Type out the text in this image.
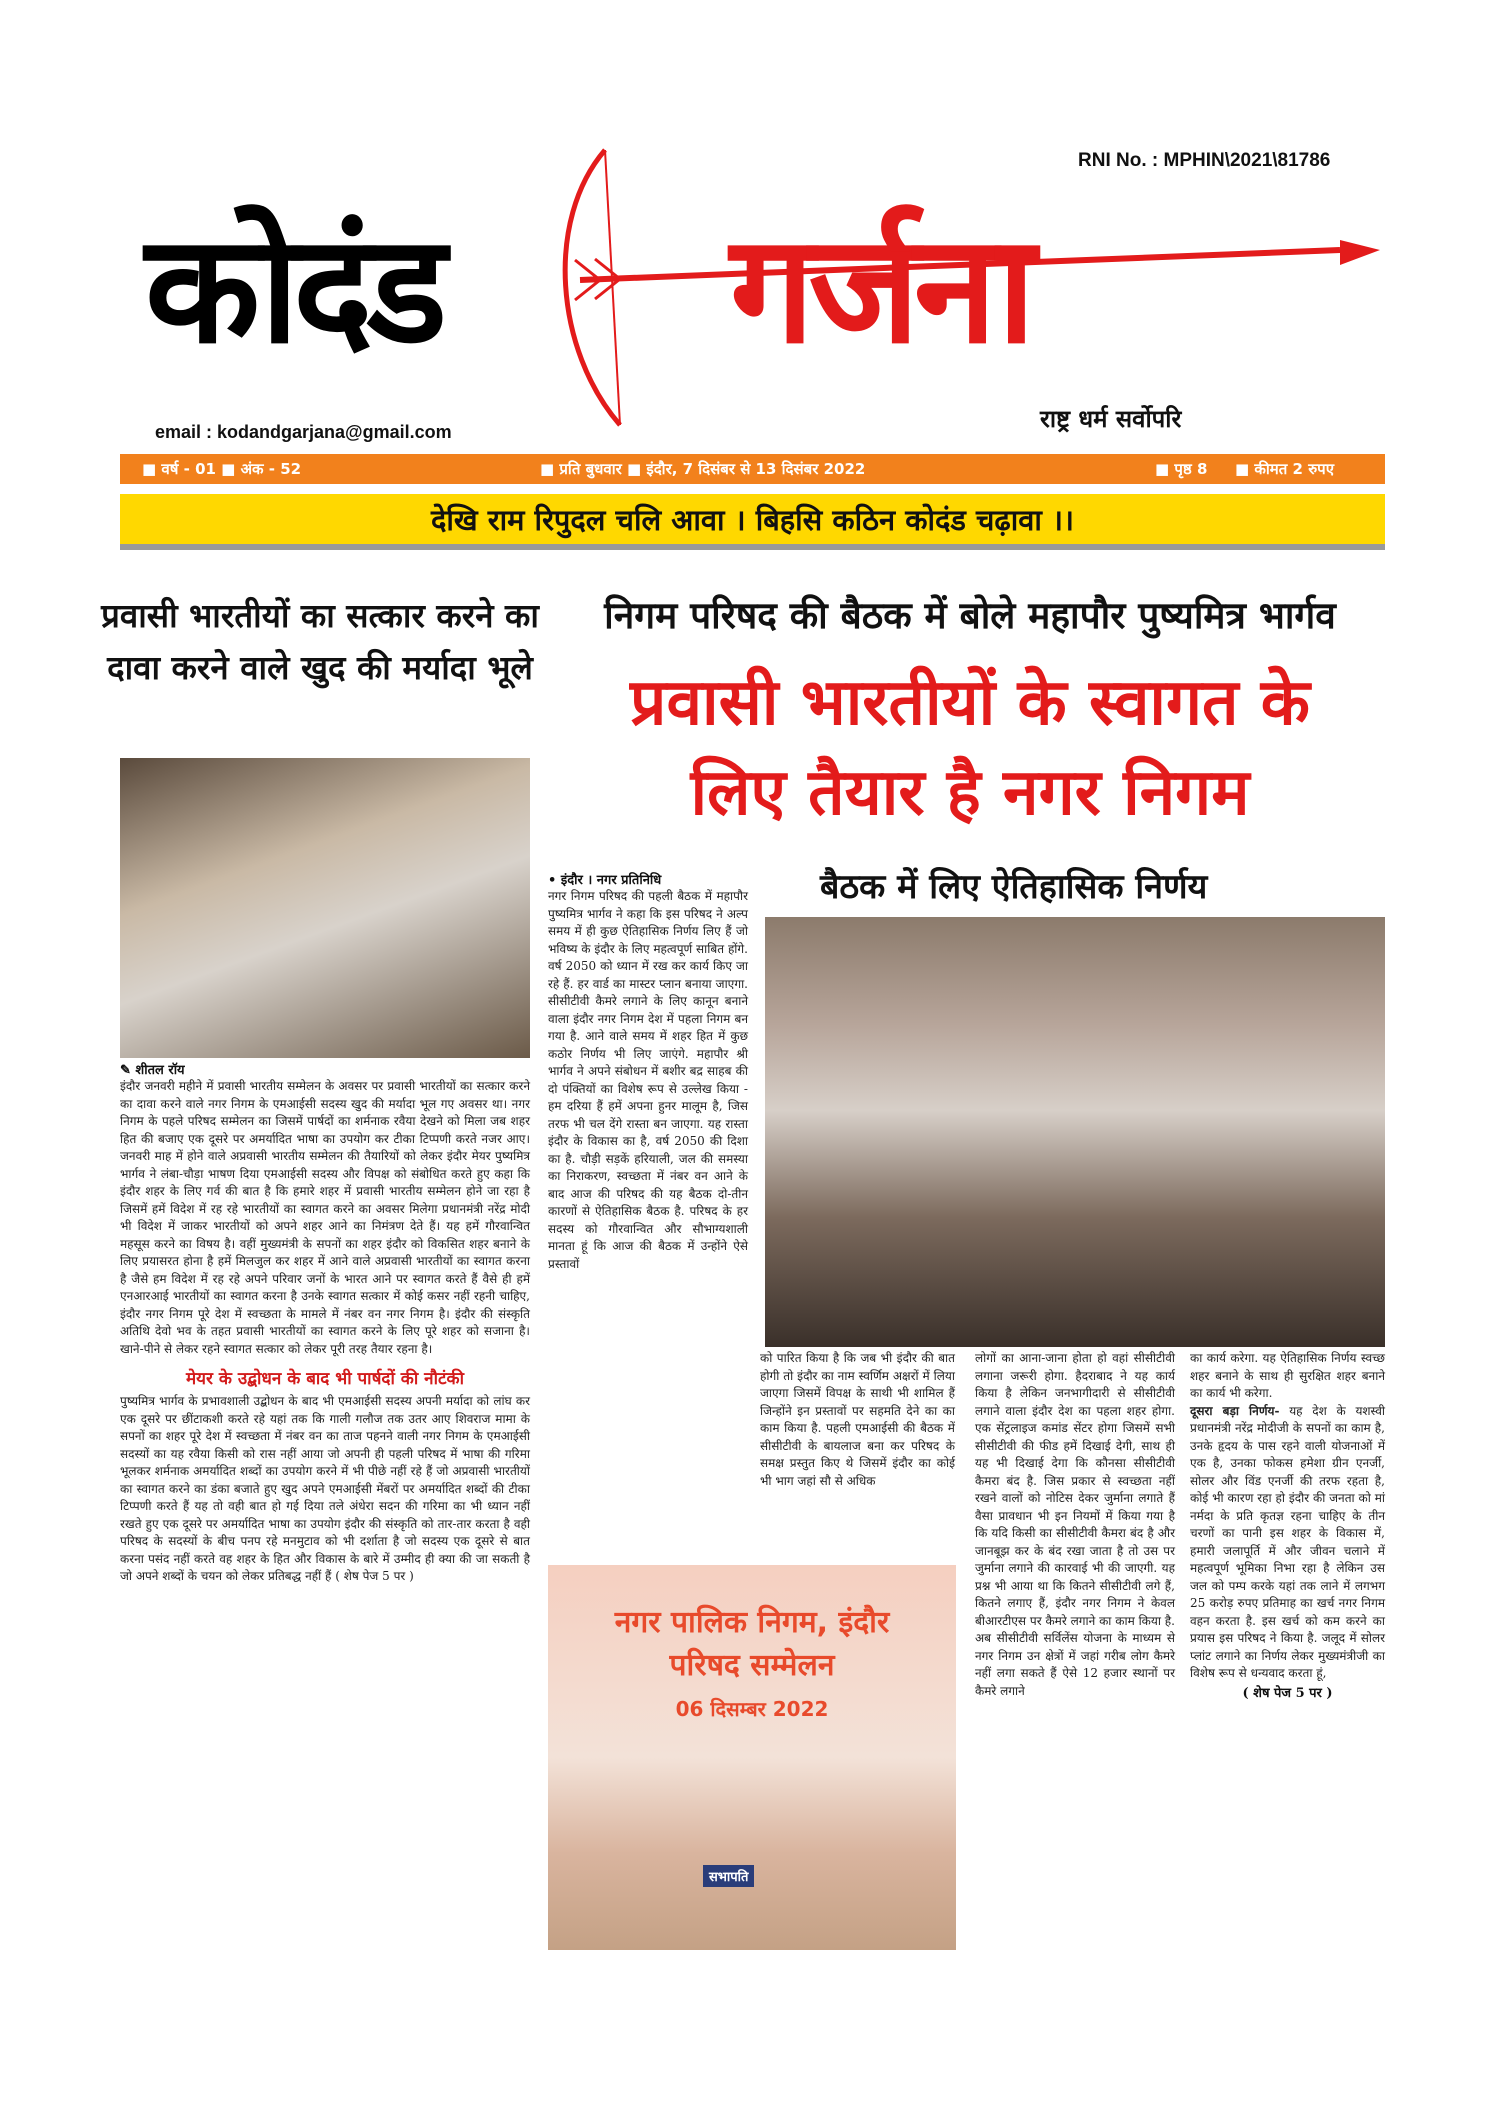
RNI No. : MPHIN\2021\81786
कोदंड गर्जना
राष्ट्र धर्म सर्वोपरि
email : kodandgarjana@gmail.com
■ वर्ष - 01 ■ अंक - 52	■ प्रति बुधवार ■ इंदौर, 7 दिसंबर से 13 दिसंबर 2022	■ पृष्ठ 8 ■ कीमत 2 रुपए
देखि राम रिपुदल चलि आवा । बिहसि कठिन कोदंड चढ़ावा ।।
प्रवासी भारतीयों का सत्कार करने का दावा करने वाले खुद की मर्यादा भूले
निगम परिषद की बैठक में बोले महापौर पुष्यमित्र भार्गव
प्रवासी भारतीयों के स्वागत के
लिए तैयार है नगर निगम
बैठक में लिए ऐतिहासिक निर्णय
नगर पालिक निगम, इंदौर
परिषद सम्मेलन
06 दिसम्बर 2022
सभापति
✎ शीतल रॉय

इंदौर जनवरी महीने में प्रवासी भारतीय सम्मेलन के अवसर पर प्रवासी भारतीयों का सत्कार करने का दावा करने वाले नगर निगम के एमआईसी सदस्य खुद की मर्यादा भूल गए अवसर था। नगर निगम के पहले परिषद सम्मेलन का जिसमें पार्षदों का शर्मनाक रवैया देखने को मिला जब शहर हित की बजाए एक दूसरे पर अमर्यादित भाषा का उपयोग कर टीका टिप्पणी करते नजर आए। जनवरी माह में होने वाले अप्रवासी भारतीय सम्मेलन की तैयारियों को लेकर इंदौर मेयर पुष्यमित्र भार्गव ने लंबा-चौड़ा भाषण दिया एमआईसी सदस्य और विपक्ष को संबोधित करते हुए कहा कि इंदौर शहर के लिए गर्व की बात है कि हमारे शहर में प्रवासी भारतीय सम्मेलन होने जा रहा है जिसमें हमें विदेश में रह रहे भारतीयों का स्वागत करने का अवसर मिलेगा प्रधानमंत्री नरेंद्र मोदी भी विदेश में जाकर भारतीयों को अपने शहर आने का निमंत्रण देते हैं। यह हमें गौरवान्वित महसूस करने का विषय है। वहीं मुख्यमंत्री के सपनों का शहर इंदौर को विकसित शहर बनाने के लिए प्रयासरत होना है हमें मिलजुल कर शहर में आने वाले अप्रवासी भारतीयों का स्वागत करना है जैसे हम विदेश में रह रहे अपने परिवार जनों के भारत आने पर स्वागत करते हैं वैसे ही हमें एनआरआई भारतीयों का स्वागत करना है उनके स्वागत सत्कार में कोई कसर नहीं रहनी चाहिए, इंदौर नगर निगम पूरे देश में स्वच्छता के मामले में नंबर वन नगर निगम है। इंदौर की संस्कृति अतिथि देवो भव के तहत प्रवासी भारतीयों का स्वागत करने के लिए पूरे शहर को सजाना है। खाने-पीने से लेकर रहने स्वागत सत्कार को लेकर पूरी तरह तैयार रहना है।

मेयर के उद्बोधन के बाद भी पार्षदों की नौटंकी

पुष्यमित्र भार्गव के प्रभावशाली उद्बोधन के बाद भी एमआईसी सदस्य अपनी मर्यादा को लांघ कर एक दूसरे पर छींटाकशी करते रहे यहां तक कि गाली गलौज तक उतर आए शिवराज मामा के सपनों का शहर पूरे देश में स्वच्छता में नंबर वन का ताज पहनने वाली नगर निगम के एमआईसी सदस्यों का यह रवैया किसी को रास नहीं आया जो अपनी ही पहली परिषद में भाषा की गरिमा भूलकर शर्मनाक अमर्यादित शब्दों का उपयोग करने में भी पीछे नहीं रहे हैं जो अप्रवासी भारतीयों का स्वागत करने का डंका बजाते हुए खुद अपने एमआईसी मेंबरों पर अमर्यादित शब्दों की टीका टिप्पणी करते हैं यह तो वही बात हो गई दिया तले अंधेरा सदन की गरिमा का भी ध्यान नहीं रखते हुए एक दूसरे पर अमर्यादित भाषा का उपयोग इंदौर की संस्कृति को तार-तार करता है वही परिषद के सदस्यों के बीच पनप रहे मनमुटाव को भी दर्शाता है जो सदस्य एक दूसरे से बात करना पसंद नहीं करते वह शहर के हित और विकास के बारे में उम्मीद ही क्या की जा सकती है जो अपने शब्दों के चयन को लेकर प्रतिबद्ध नहीं हैं ( शेष पेज 5 पर )

• इंदौर । नगर प्रतिनिधि

नगर निगम परिषद की पहली बैठक में महापौर पुष्यमित्र भार्गव ने कहा कि इस परिषद ने अल्प समय में ही कुछ ऐतिहासिक निर्णय लिए हैं जो भविष्य के इंदौर के लिए महत्वपूर्ण साबित होंगे. वर्ष 2050 को ध्यान में रख कर कार्य किए जा रहे हैं. हर वार्ड का मास्टर प्लान बनाया जाएगा. सीसीटीवी कैमरे लगाने के लिए कानून बनाने वाला इंदौर नगर निगम देश में पहला निगम बन गया है. आने वाले समय में शहर हित में कुछ कठोर निर्णय भी लिए जाएंगे. महापौर श्री भार्गव ने अपने संबोधन में बशीर बद्र साहब की दो पंक्तियों का विशेष रूप से उल्लेख किया - हम दरिया हैं हमें अपना हुनर मालूम है, जिस तरफ भी चल देंगे रास्ता बन जाएगा. यह रास्ता इंदौर के विकास का है, वर्ष 2050 की दिशा का है. चौड़ी सड़कें हरियाली, जल की समस्या का निराकरण, स्वच्छता में नंबर वन आने के बाद आज की परिषद की यह बैठक दो-तीन कारणों से ऐतिहासिक बैठक है. परिषद के हर सदस्य को गौरवान्वित और सौभाग्यशाली मानता हूं कि आज की बैठक में उन्होंने ऐसे प्रस्तावों

को पारित किया है कि जब भी इंदौर की बात होगी तो इंदौर का नाम स्वर्णिम अक्षरों में लिया जाएगा जिसमें विपक्ष के साथी भी शामिल हैं जिन्होंने इन प्रस्तावों पर सहमति देने का का काम किया है. पहली एमआईसी की बैठक में सीसीटीवी के बायलाज बना कर परिषद के समक्ष प्रस्तुत किए थे जिसमें इंदौर का कोई भी भाग जहां सौ से अधिक

लोगों का आना-जाना होता हो वहां सीसीटीवी लगाना जरूरी होगा. हैदराबाद ने यह कार्य किया है लेकिन जनभागीदारी से सीसीटीवी लगाने वाला इंदौर देश का पहला शहर होगा. एक सेंट्रलाइज कमांड सेंटर होगा जिसमें सभी सीसीटीवी की फीड हमें दिखाई देगी, साथ ही यह भी दिखाई देगा कि कौनसा सीसीटीवी कैमरा बंद है. जिस प्रकार से स्वच्छता नहीं रखने वालों को नोटिस देकर जुर्माना लगाते हैं वैसा प्रावधान भी इन नियमों में किया गया है कि यदि किसी का सीसीटीवी कैमरा बंद है और जानबूझ कर के बंद रखा जाता है तो उस पर जुर्माना लगाने की कारवाई भी की जाएगी. यह प्रश्न भी आया था कि कितने सीसीटीवी लगे हैं, कितने लगाए हैं, इंदौर नगर निगम ने केवल बीआरटीएस पर कैमरे लगाने का काम किया है. अब सीसीटीवी सर्विलेंस योजना के माध्यम से नगर निगम उन क्षेत्रों में जहां गरीब लोग कैमरे नहीं लगा सकते हैं ऐसे 12 हजार स्थानों पर कैमरे लगाने

का कार्य करेगा. यह ऐतिहासिक निर्णय स्वच्छ शहर बनाने के साथ ही सुरक्षित शहर बनाने का कार्य भी करेगा.

दूसरा बड़ा निर्णय- यह देश के यशस्वी प्रधानमंत्री नरेंद्र मोदीजी के सपनों का काम है, उनके हृदय के पास रहने वाली योजनाओं में एक है, उनका फोकस हमेशा ग्रीन एनर्जी, सोलर और विंड एनर्जी की तरफ रहता है, कोई भी कारण रहा हो इंदौर की जनता को मां नर्मदा के प्रति कृतज्ञ रहना चाहिए के तीन चरणों का पानी इस शहर के विकास में, हमारी जलापूर्ति में और जीवन चलाने में महत्वपूर्ण भूमिका निभा रहा है लेकिन उस जल को पम्प करके यहां तक लाने में लगभग 25 करोड़ रुपए प्रतिमाह का खर्च नगर निगम वहन करता है. इस खर्च को कम करने का प्रयास इस परिषद ने किया है. जलूद में सोलर प्लांट लगाने का निर्णय लेकर मुख्यमंत्रीजी का विशेष रूप से धन्यवाद करता हूं,

( शेष पेज 5 पर )
